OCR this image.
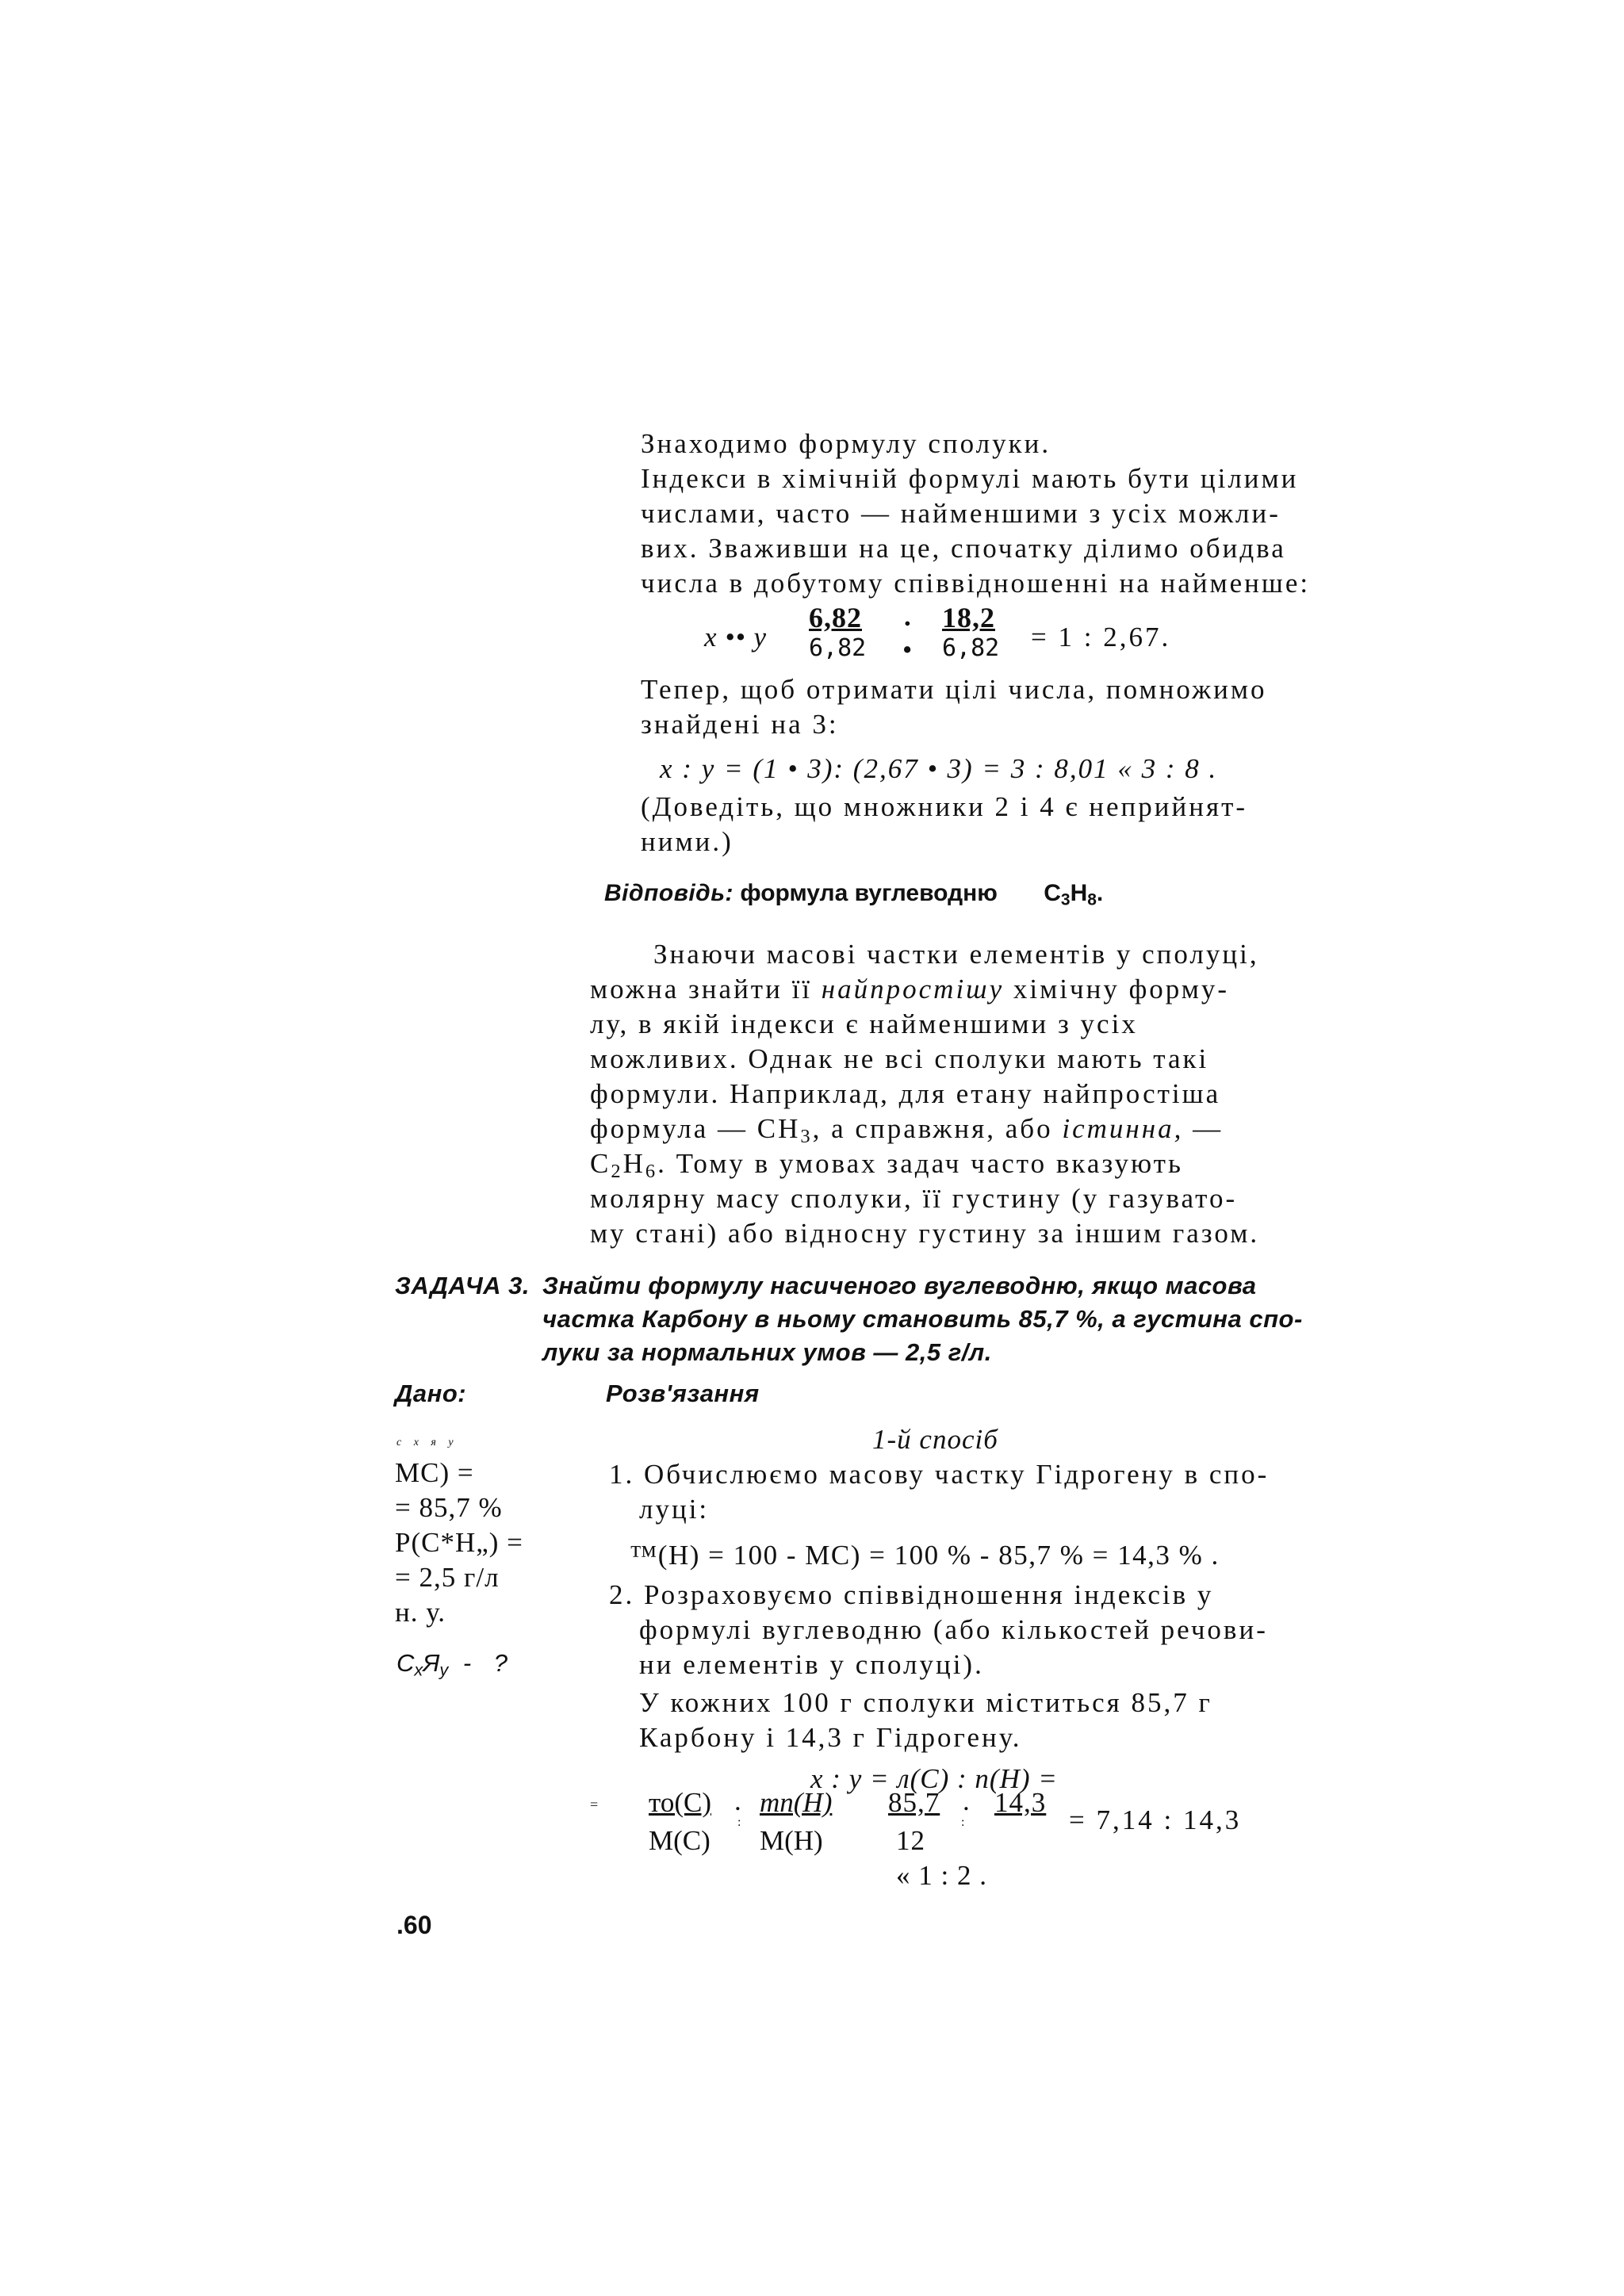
Знаходимо формулу сполуки.
Індекси в хімічній формулі мають бути цілими
числами, часто — найменшими з усіх можли-
вих. Зваживши на це, спочатку ділимо обидва
числа в добутому співвідношенні на найменше:
х •• у
6,82 . 18,2
6,82 • 6,82 = 1 : 2,67.
Тепер, щоб отримати цілі числа, помножимо
знайдені на 3:
х : у = (1 • 3): (2,67 • 3) = 3 : 8,01 « 3 : 8 .
(Доведіть, що множники 2 і 4 є неприйнят-
ними.)
Відповідь: формула вуглеводню $С_3Н_8$.
Знаючи масові частки елементів у сполуці,
можна знайти її найпростішу хімічну форму-
лу, в якій індекси є найменшими з усіх
можливих. Однак не всі сполуки мають такі
формули. Наприклад, для етану найпростіша
формула — $СН_3$, а справжня, або істинна, —
$С_2Н_6$. Тому в умовах задач часто вказують
молярну масу сполуки, її густину (у газувато-
му стані) або відносну густину за іншим газом.
ЗАДАЧА 3. Знайти формулу насиченого вуглеводню, якщо масова
частка Карбону в ньому становить 85,7 %, а густина спо-
луки за нормальних умов — 2,5 г/л.
Дано:
с х я у
МС) =
= 85,7 %
Р(С*Н„) =
= 2,5 г/л
н. у.
$С_хЯ_у$ - ?
Розв'язання
1-й спосіб
1. Обчислюємо масову частку Гідрогену в спо-
луці:
™(Н) = 100 - МС) = 100 % - 85,7 % = 14,3 % .
2. Розраховуємо співвідношення індексів у
формулі вуглеводню (або кількостей речови-
ни елементів у сполуці).
У кожних 100 г сполуки міститься 85,7 г
Карбону і 14,3 г Гідрогену.
х : у = л(С) : п(Н) =
= то(С)
М(С)
.
:
тп(Н)
М(Н)
85,7
12
.
:
14,3
= 7,14 : 14,3
« 1 : 2 .
.60
